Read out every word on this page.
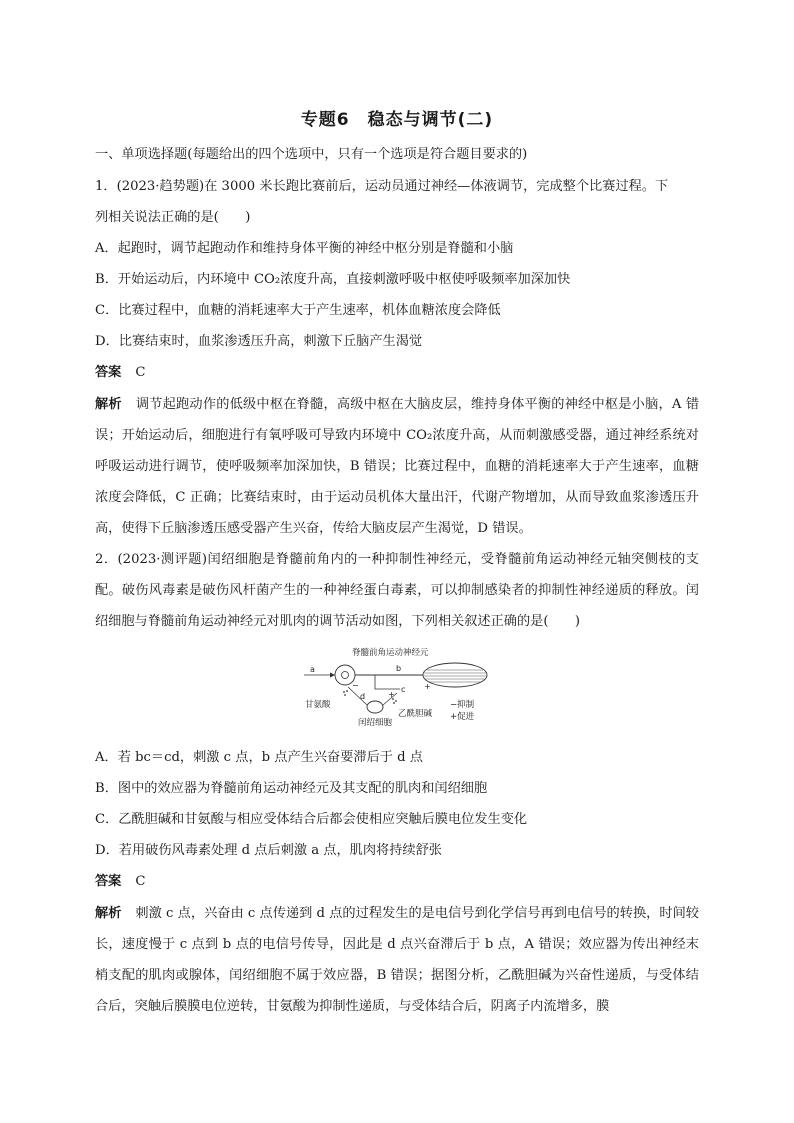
专题6　稳态与调节(二)
一、单项选择题(每题给出的四个选项中，只有一个选项是符合题目要求的)
1．(2023·趋势题)在 3000 米长跑比赛前后，运动员通过神经—体液调节，完成整个比赛过程。下
列相关说法正确的是(　　)
A．起跑时，调节起跑动作和维持身体平衡的神经中枢分别是脊髓和小脑
B．开始运动后，内环境中 CO₂浓度升高，直接刺激呼吸中枢使呼吸频率加深加快
C．比赛过程中，血糖的消耗速率大于产生速率，机体血糖浓度会降低
D．比赛结束时，血浆渗透压升高，刺激下丘脑产生渴觉
答案 C
解析 调节起跑动作的低级中枢在脊髓，高级中枢在大脑皮层，维持身体平衡的神经中枢是小脑，A 错误；开始运动后，细胞进行有氧呼吸可导致内环境中 CO₂浓度升高，从而刺激感受器，通过神经系统对呼吸运动进行调节，使呼吸频率加深加快，B 错误；比赛过程中，血糖的消耗速率大于产生速率，血糖浓度会降低，C 正确；比赛结束时，由于运动员机体大量出汗，代谢产物增加，从而导致血浆渗透压升高，使得下丘脑渗透压感受器产生兴奋，传给大脑皮层产生渴觉，D 错误。
2．(2023·测评题)闰绍细胞是脊髓前角内的一种抑制性神经元，受脊髓前角运动神经元轴突侧枝的支配。破伤风毒素是破伤风杆菌产生的一种神经蛋白毒素，可以抑制感染者的抑制性神经递质的释放。闰绍细胞与脊髓前角运动神经元对肌肉的调节活动如图，下列相关叙述正确的是(　　)
脊髓前角运动神经元
a	b
+
c
d
−
+
甘氨酸
闰绍细胞
乙酰胆碱
−抑制
+促进
A．若 bc＝cd，刺激 c 点，b 点产生兴奋要滞后于 d 点
B．图中的效应器为脊髓前角运动神经元及其支配的肌肉和闰绍细胞
C．乙酰胆碱和甘氨酸与相应受体结合后都会使相应突触后膜电位发生变化
D．若用破伤风毒素处理 d 点后刺激 a 点，肌肉将持续舒张
答案 C
解析 刺激 c 点，兴奋由 c 点传递到 d 点的过程发生的是电信号到化学信号再到电信号的转换，时间较长，速度慢于 c 点到 b 点的电信号传导，因此是 d 点兴奋滞后于 b 点，A 错误；效应器为传出神经末梢支配的肌肉或腺体，闰绍细胞不属于效应器，B 错误；据图分析，乙酰胆碱为兴奋性递质，与受体结合后，突触后膜膜电位逆转，甘氨酸为抑制性递质，与受体结合后，阴离子内流增多，膜
